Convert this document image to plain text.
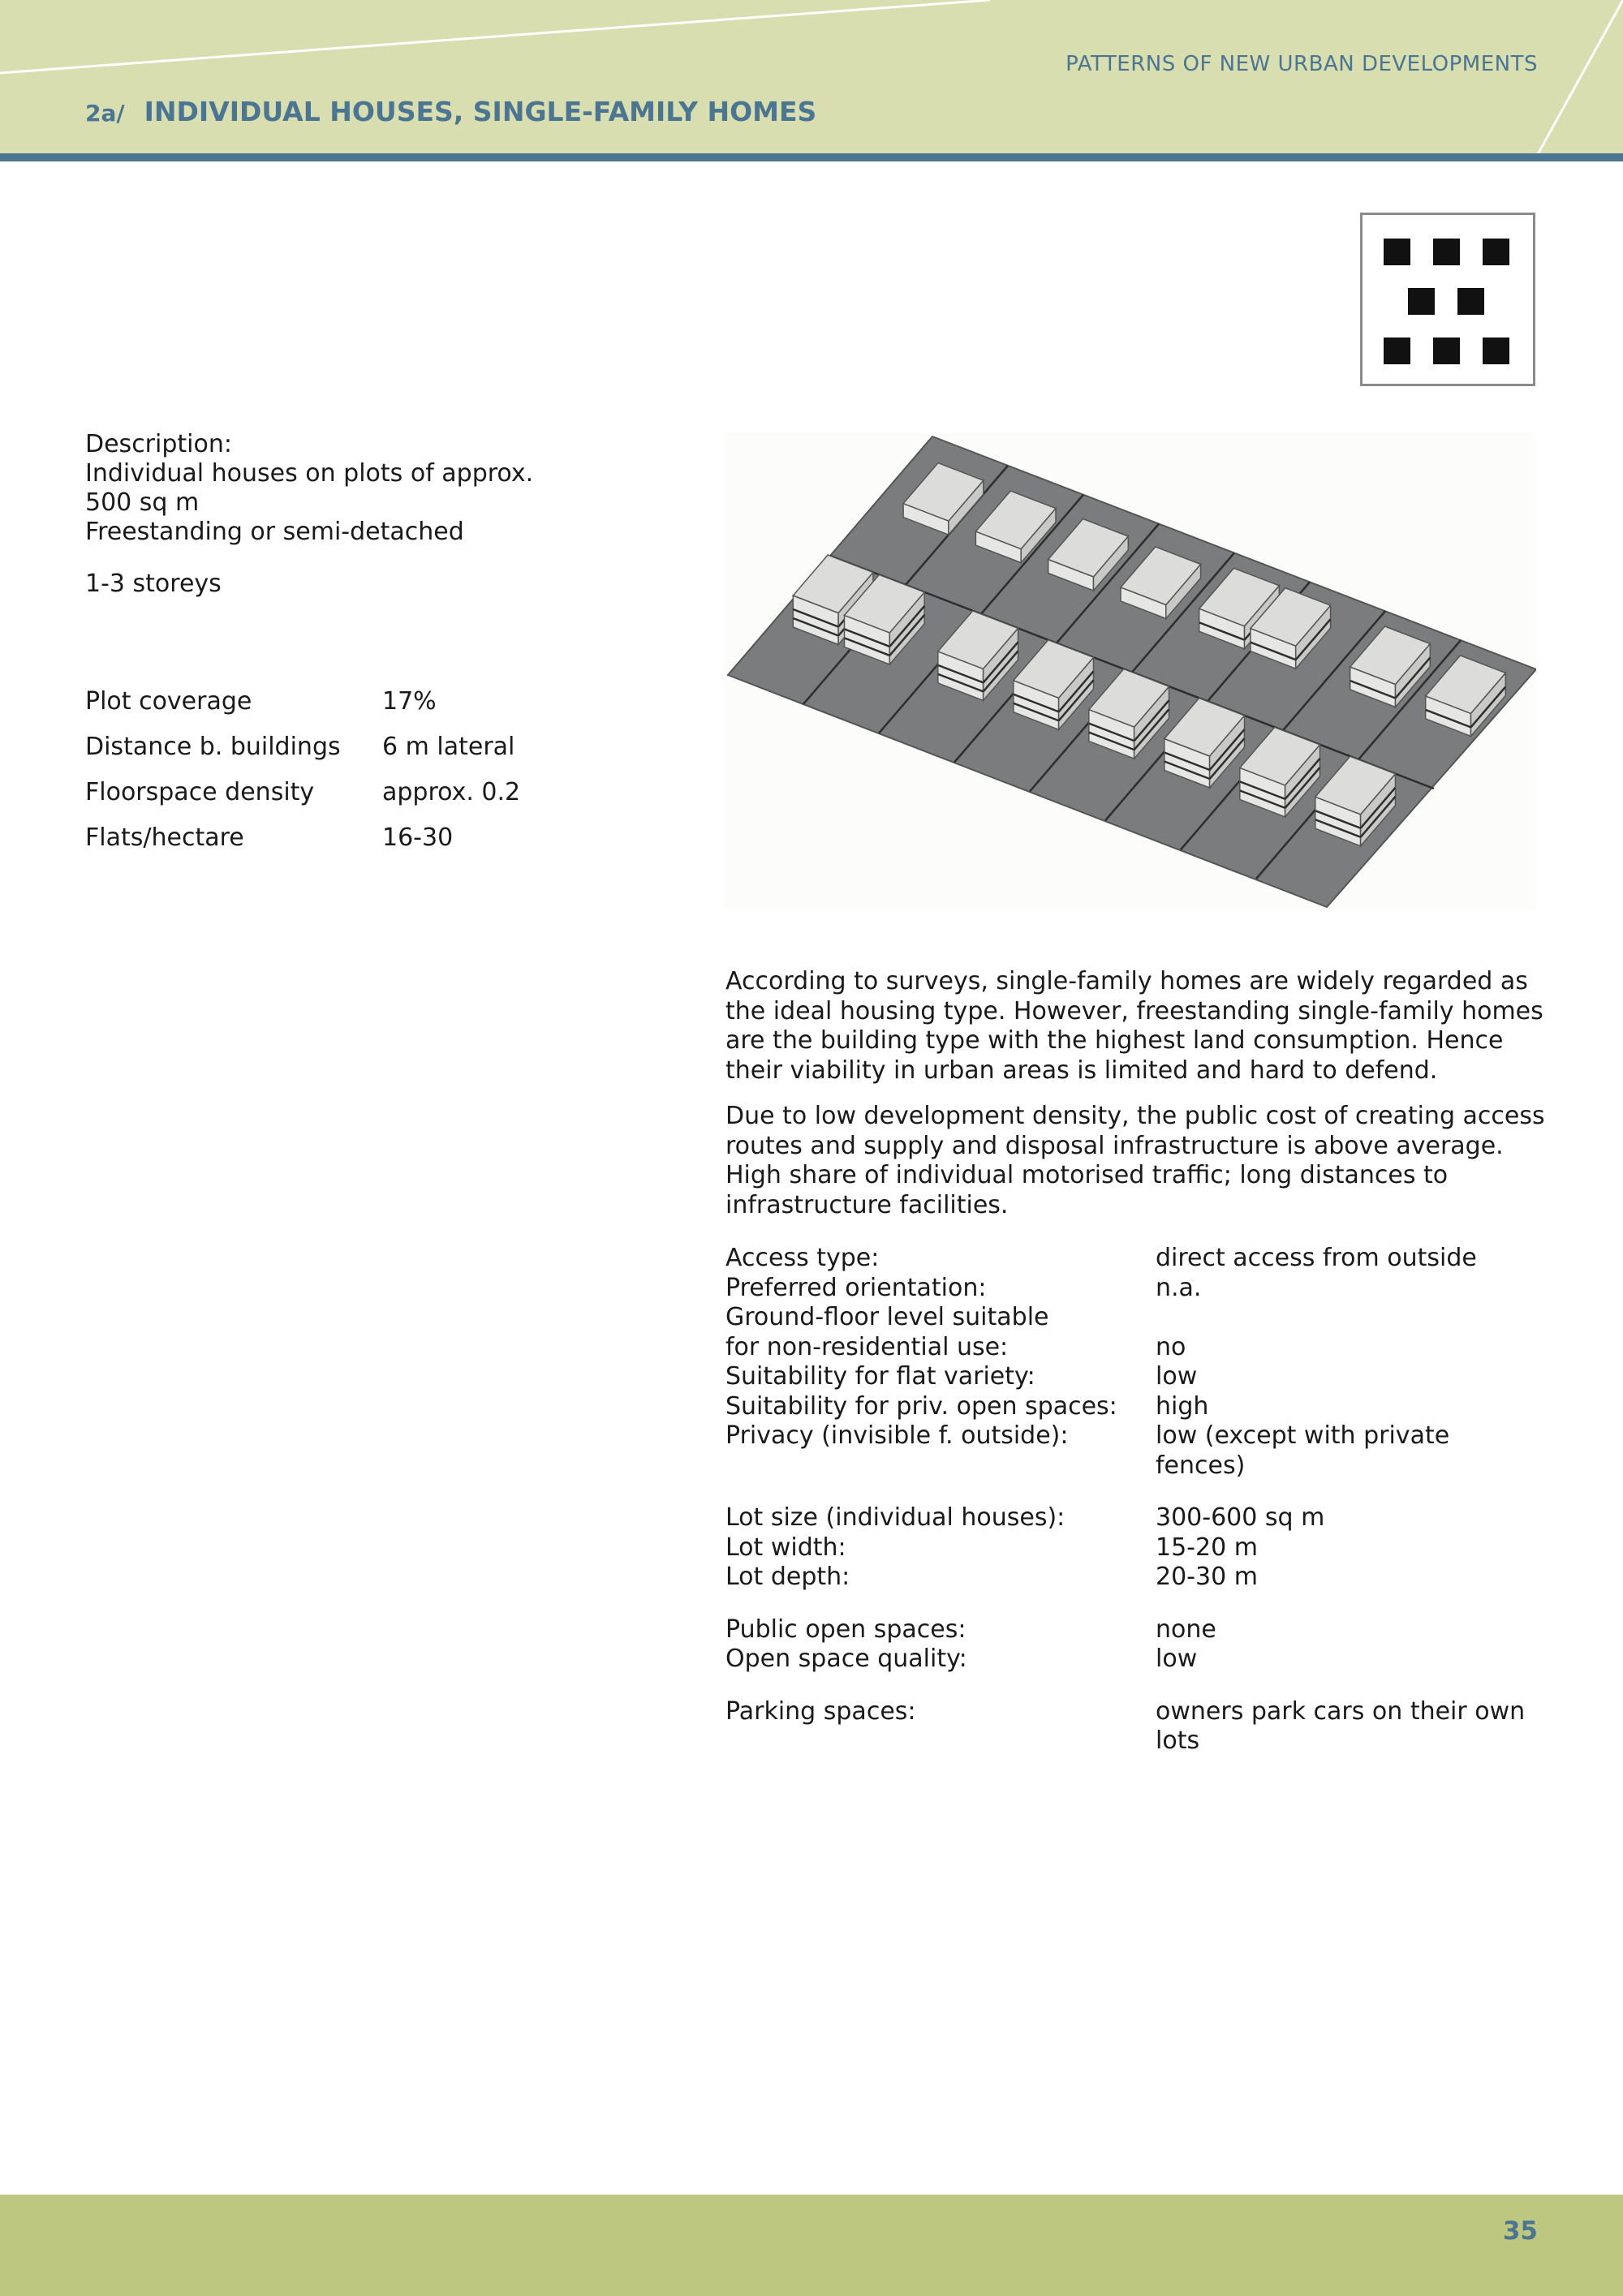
PATTERNS OF NEW URBAN DEVELOPMENTS
2a/ INDIVIDUAL HOUSES, SINGLE-FAMILY HOMES

Description:

Individual houses on plots of approx.

500 sq m

Freestanding or semi-detached

1-3 storeys

Plot coverage	17%
Distance b. buildings 6 m lateral
Floorspace density	approx. 0.2
Flats/hectare	16-30

According to surveys, single-family homes are widely regarded as the ideal housing type. However, freestanding single-family homes are the building type with the highest land consumption. Hence their viability in urban areas is limited and hard to defend.

Due to low development density, the public cost of creating access routes and supply and disposal infrastructure is above average. High share of individual motorised traffic; long distances to infrastructure facilities.

Access type:	direct access from outside
Preferred orientation:	n.a.
Ground-floor level suitable
for non-residential use:	
no
Suitability for flat variety:	low
Suitability for priv. open spaces: high
Privacy (invisible f. outside):	low (except with private fences)
Lot size (individual houses):	300-600 sq m
Lot width:	15-20 m
Lot depth:	20-30 m
Public open spaces:	none
Open space quality:	low
Parking spaces:	owners park cars on their own lots
35
